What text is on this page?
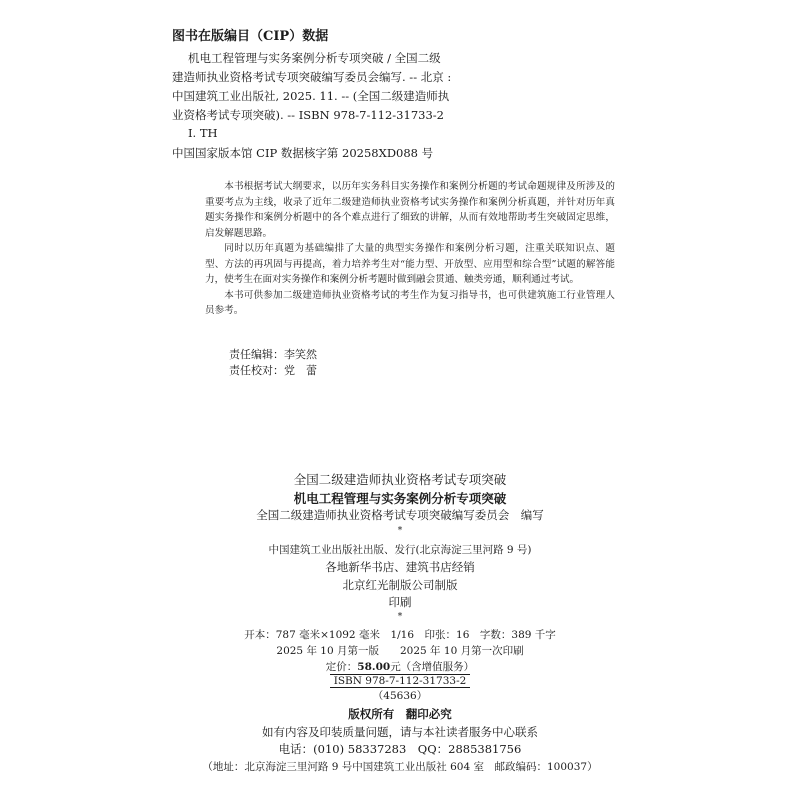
图书在版编目（CIP）数据
机电工程管理与实务案例分析专项突破 / 全国二级
建造师执业资格考试专项突破编写委员会编写. -- 北京 :
中国建筑工业出版社, 2025. 11. -- (全国二级建造师执
业资格考试专项突破). -- ISBN 978-7-112-31733-2
Ⅰ. TH
中国国家版本馆 CIP 数据核字第 20258XD088 号

本书根据考试大纲要求，以历年实务科目实务操作和案例分析题的考试命题规律及所涉及的重要考点为主线，收录了近年二级建造师执业资格考试实务操作和案例分析真题，并针对历年真题实务操作和案例分析题中的各个难点进行了细致的讲解，从而有效地帮助考生突破固定思维，启发解题思路。

同时以历年真题为基础编排了大量的典型实务操作和案例分析习题，注重关联知识点、题型、方法的再巩固与再提高，着力培养考生对“能力型、开放型、应用型和综合型”试题的解答能力，使考生在面对实务操作和案例分析考题时做到融会贯通、触类旁通，顺利通过考试。

本书可供参加二级建造师执业资格考试的考生作为复习指导书，也可供建筑施工行业管理人员参考。

责任编辑：李笑然
责任校对：党　蕾
全国二级建造师执业资格考试专项突破
机电工程管理与实务案例分析专项突破
全国二级建造师执业资格考试专项突破编写委员会　编写
*
中国建筑工业出版社出版、发行(北京海淀三里河路 9 号)
各地新华书店、建筑书店经销
北京红光制版公司制版
印刷
*
开本：787 毫米×1092 毫米　1/16　印张：16　字数：389 千字
2025 年 10 月第一版　　2025 年 10 月第一次印刷
定价：58.00元（含增值服务）
ISBN 978-7-112-31733-2
（45636）
版权所有　翻印必究
如有内容及印装质量问题，请与本社读者服务中心联系
电话：(010) 58337283　QQ：2885381756
（地址：北京海淀三里河路 9 号中国建筑工业出版社 604 室　邮政编码：100037）
